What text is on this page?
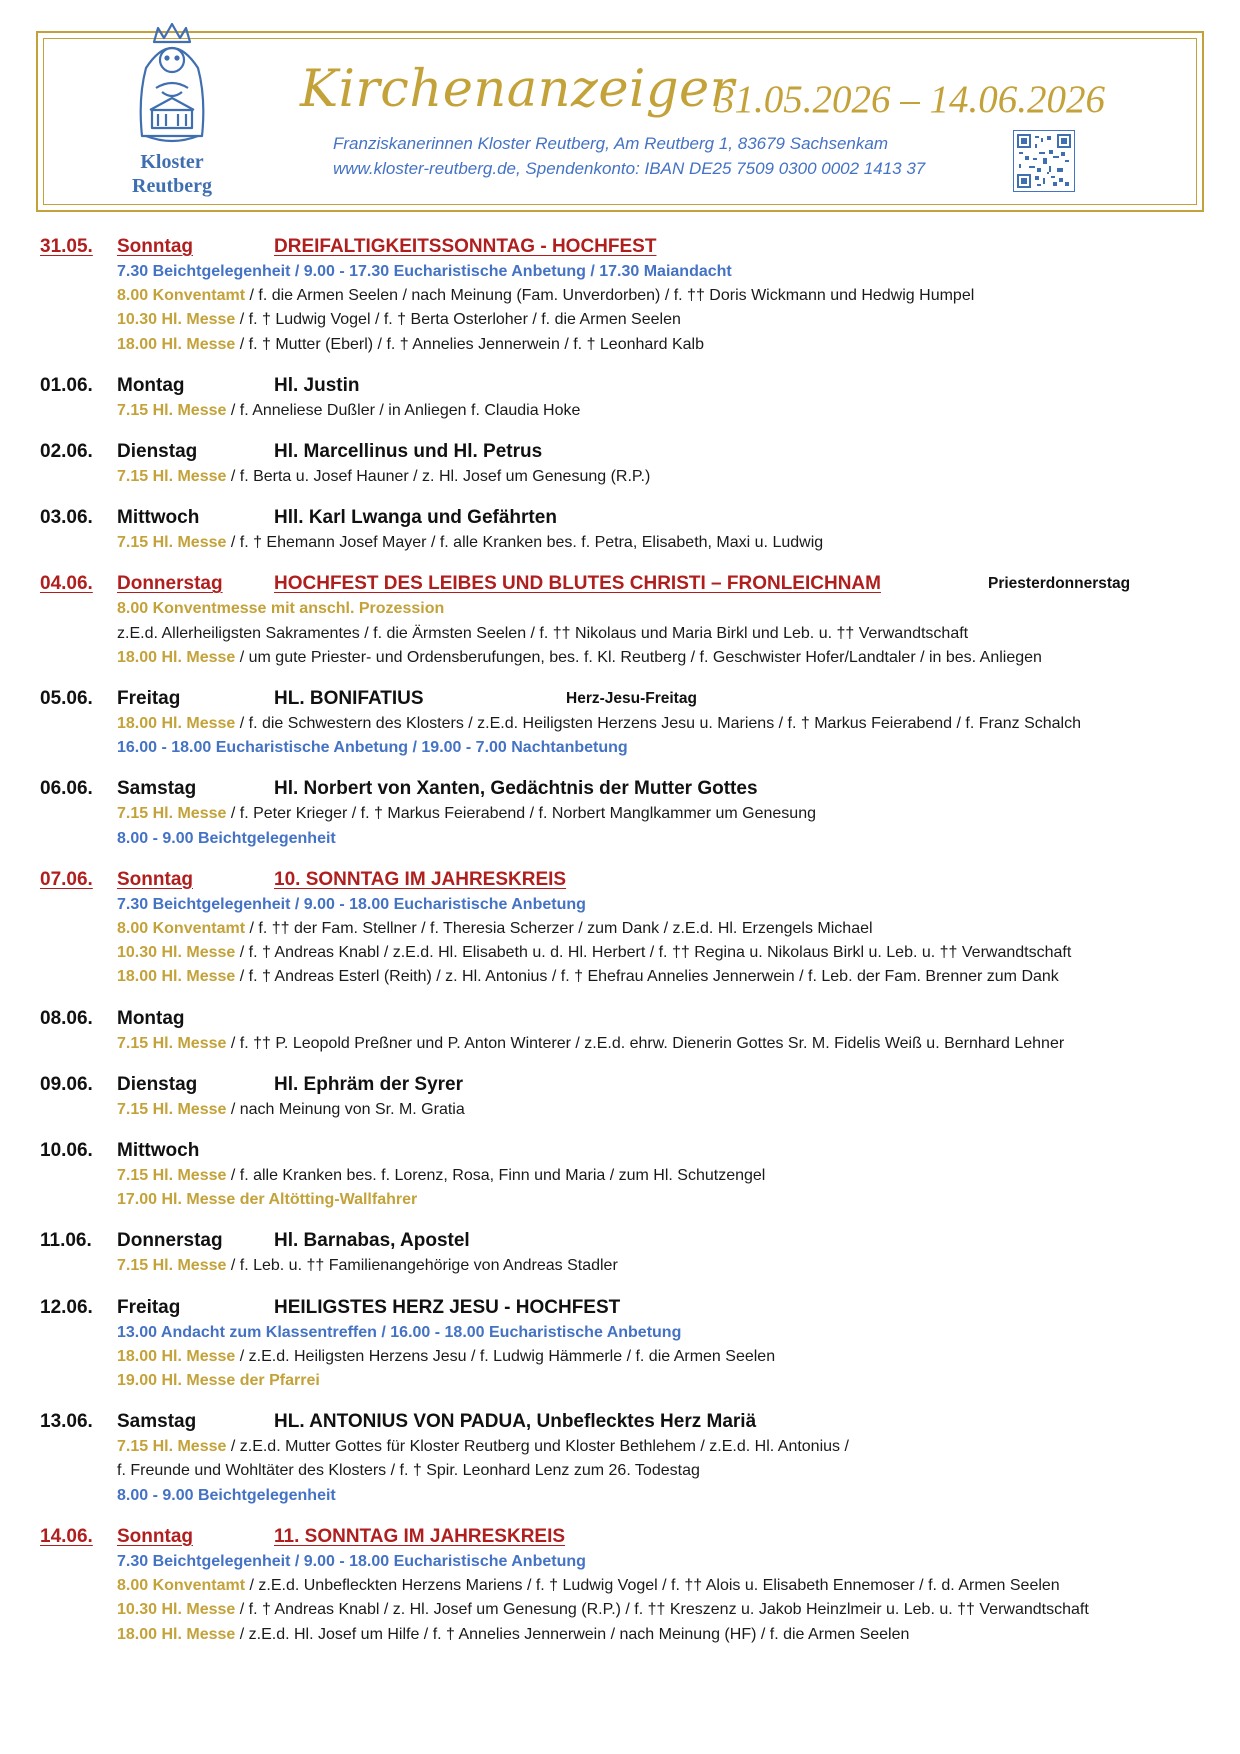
Kloster
Reutberg
Kirchenanzeiger
31.05.2026 – 14.06.2026
Franziskanerinnen Kloster Reutberg, Am Reutberg 1, 83679 Sachsenkam
www.kloster-reutberg.de, Spendenkonto: IBAN DE25 7509 0300 0002 1413 37
31.05. Sonntag	DREIFALTIGKEITSSONNTAG - HOCHFEST
7.30 Beichtgelegenheit / 9.00 - 17.30 Eucharistische Anbetung / 17.30 Maiandacht
8.00 Konventamt / f. die Armen Seelen / nach Meinung (Fam. Unverdorben) / f. †† Doris Wickmann und Hedwig Humpel
10.30 Hl. Messe / f. † Ludwig Vogel / f. † Berta Osterloher / f. die Armen Seelen
18.00 Hl. Messe / f. † Mutter (Eberl) / f. † Annelies Jennerwein / f. † Leonhard Kalb
01.06. Montag	Hl. Justin
7.15 Hl. Messe / f. Anneliese Dußler / in Anliegen f. Claudia Hoke
02.06. Dienstag	Hl. Marcellinus und Hl. Petrus
7.15 Hl. Messe / f. Berta u. Josef Hauner / z. Hl. Josef um Genesung (R.P.)
03.06. Mittwoch	Hll. Karl Lwanga und Gefährten
7.15 Hl. Messe / f. † Ehemann Josef Mayer / f. alle Kranken bes. f. Petra, Elisabeth, Maxi u. Ludwig
04.06. Donnerstag	HOCHFEST DES LEIBES UND BLUTES CHRISTI – FRONLEICHNAM	Priesterdonnerstag
8.00 Konventmesse mit anschl. Prozession
z.E.d. Allerheiligsten Sakramentes / f. die Ärmsten Seelen / f. †† Nikolaus und Maria Birkl und Leb. u. †† Verwandtschaft
18.00 Hl. Messe / um gute Priester- und Ordensberufungen, bes. f. Kl. Reutberg / f. Geschwister Hofer/Landtaler / in bes. Anliegen
05.06. Freitag	HL. BONIFATIUS	Herz-Jesu-Freitag
18.00 Hl. Messe / f. die Schwestern des Klosters / z.E.d. Heiligsten Herzens Jesu u. Mariens / f. † Markus Feierabend / f. Franz Schalch
16.00 - 18.00 Eucharistische Anbetung / 19.00 - 7.00 Nachtanbetung
06.06. Samstag	Hl. Norbert von Xanten, Gedächtnis der Mutter Gottes
7.15 Hl. Messe / f. Peter Krieger / f. † Markus Feierabend / f. Norbert Manglkammer um Genesung
8.00 - 9.00 Beichtgelegenheit
07.06. Sonntag	10. SONNTAG IM JAHRESKREIS
7.30 Beichtgelegenheit / 9.00 - 18.00 Eucharistische Anbetung
8.00 Konventamt / f. †† der Fam. Stellner / f. Theresia Scherzer / zum Dank / z.E.d. Hl. Erzengels Michael
10.30 Hl. Messe / f. † Andreas Knabl / z.E.d. Hl. Elisabeth u. d. Hl. Herbert / f. †† Regina u. Nikolaus Birkl u. Leb. u. †† Verwandtschaft
18.00 Hl. Messe / f. † Andreas Esterl (Reith) / z. Hl. Antonius / f. † Ehefrau Annelies Jennerwein / f. Leb. der Fam. Brenner zum Dank
08.06. Montag
7.15 Hl. Messe / f. †† P. Leopold Preßner und P. Anton Winterer / z.E.d. ehrw. Dienerin Gottes Sr. M. Fidelis Weiß u. Bernhard Lehner
09.06. Dienstag	Hl. Ephräm der Syrer
7.15 Hl. Messe / nach Meinung von Sr. M. Gratia
10.06. Mittwoch
7.15 Hl. Messe / f. alle Kranken bes. f. Lorenz, Rosa, Finn und Maria / zum Hl. Schutzengel
17.00 Hl. Messe der Altötting-Wallfahrer
11.06. Donnerstag	Hl. Barnabas, Apostel
7.15 Hl. Messe / f. Leb. u. †† Familienangehörige von Andreas Stadler
12.06. Freitag	HEILIGSTES HERZ JESU - HOCHFEST
13.00 Andacht zum Klassentreffen / 16.00 - 18.00 Eucharistische Anbetung
18.00 Hl. Messe / z.E.d. Heiligsten Herzens Jesu / f. Ludwig Hämmerle / f. die Armen Seelen
19.00 Hl. Messe der Pfarrei
13.06. Samstag	HL. ANTONIUS VON PADUA, Unbeflecktes Herz Mariä
7.15 Hl. Messe / z.E.d. Mutter Gottes für Kloster Reutberg und Kloster Bethlehem / z.E.d. Hl. Antonius /
f. Freunde und Wohltäter des Klosters / f. † Spir. Leonhard Lenz zum 26. Todestag
8.00 - 9.00 Beichtgelegenheit
14.06. Sonntag	11. SONNTAG IM JAHRESKREIS
7.30 Beichtgelegenheit / 9.00 - 18.00 Eucharistische Anbetung
8.00 Konventamt / z.E.d. Unbefleckten Herzens Mariens / f. † Ludwig Vogel / f. †† Alois u. Elisabeth Ennemoser / f. d. Armen Seelen
10.30 Hl. Messe / f. † Andreas Knabl / z. Hl. Josef um Genesung (R.P.) / f. †† Kreszenz u. Jakob Heinzlmeir u. Leb. u. †† Verwandtschaft
18.00 Hl. Messe / z.E.d. Hl. Josef um Hilfe / f. † Annelies Jennerwein / nach Meinung (HF) / f. die Armen Seelen
